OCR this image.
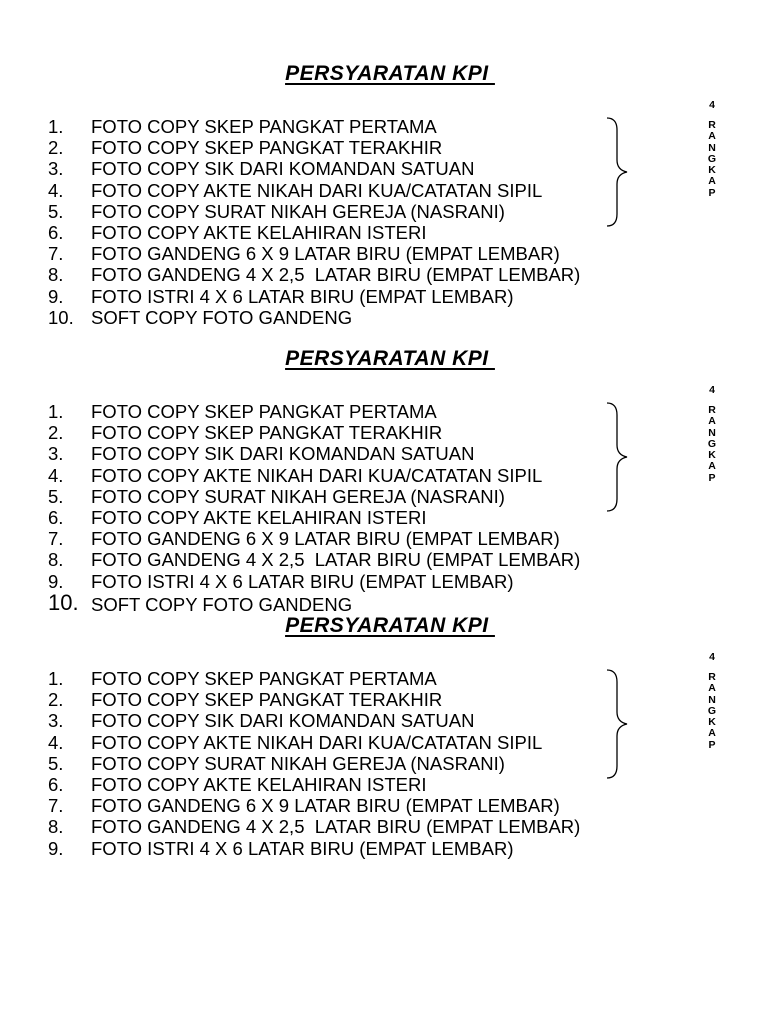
PERSYARATAN KPI
1. FOTO COPY SKEP PANGKAT PERTAMA
2. FOTO COPY SKEP PANGKAT TERAKHIR
3. FOTO COPY SIK DARI KOMANDAN SATUAN
4. FOTO COPY AKTE NIKAH DARI KUA/CATATAN SIPIL
5. FOTO COPY SURAT NIKAH GEREJA (NASRANI)
6. FOTO COPY AKTE KELAHIRAN ISTERI
7. FOTO GANDENG 6 X 9 LATAR BIRU (EMPAT LEMBAR)
8. FOTO GANDENG 4 X 2,5  LATAR BIRU (EMPAT LEMBAR)
9. FOTO ISTRI 4 X 6 LATAR BIRU (EMPAT LEMBAR)
10. SOFT COPY FOTO GANDENG
4
R
A
N
G
K
A
P
PERSYARATAN KPI
1. FOTO COPY SKEP PANGKAT PERTAMA
2. FOTO COPY SKEP PANGKAT TERAKHIR
3. FOTO COPY SIK DARI KOMANDAN SATUAN
4. FOTO COPY AKTE NIKAH DARI KUA/CATATAN SIPIL
5. FOTO COPY SURAT NIKAH GEREJA (NASRANI)
6. FOTO COPY AKTE KELAHIRAN ISTERI
7. FOTO GANDENG 6 X 9 LATAR BIRU (EMPAT LEMBAR)
8. FOTO GANDENG 4 X 2,5  LATAR BIRU (EMPAT LEMBAR)
9. FOTO ISTRI 4 X 6 LATAR BIRU (EMPAT LEMBAR)
10. SOFT COPY FOTO GANDENG
4
R
A
N
G
K
A
P
PERSYARATAN KPI
1. FOTO COPY SKEP PANGKAT PERTAMA
2. FOTO COPY SKEP PANGKAT TERAKHIR
3. FOTO COPY SIK DARI KOMANDAN SATUAN
4. FOTO COPY AKTE NIKAH DARI KUA/CATATAN SIPIL
5. FOTO COPY SURAT NIKAH GEREJA (NASRANI)
6. FOTO COPY AKTE KELAHIRAN ISTERI
7. FOTO GANDENG 6 X 9 LATAR BIRU (EMPAT LEMBAR)
8. FOTO GANDENG 4 X 2,5  LATAR BIRU (EMPAT LEMBAR)
9. FOTO ISTRI 4 X 6 LATAR BIRU (EMPAT LEMBAR)
4
R
A
N
G
K
A
P
